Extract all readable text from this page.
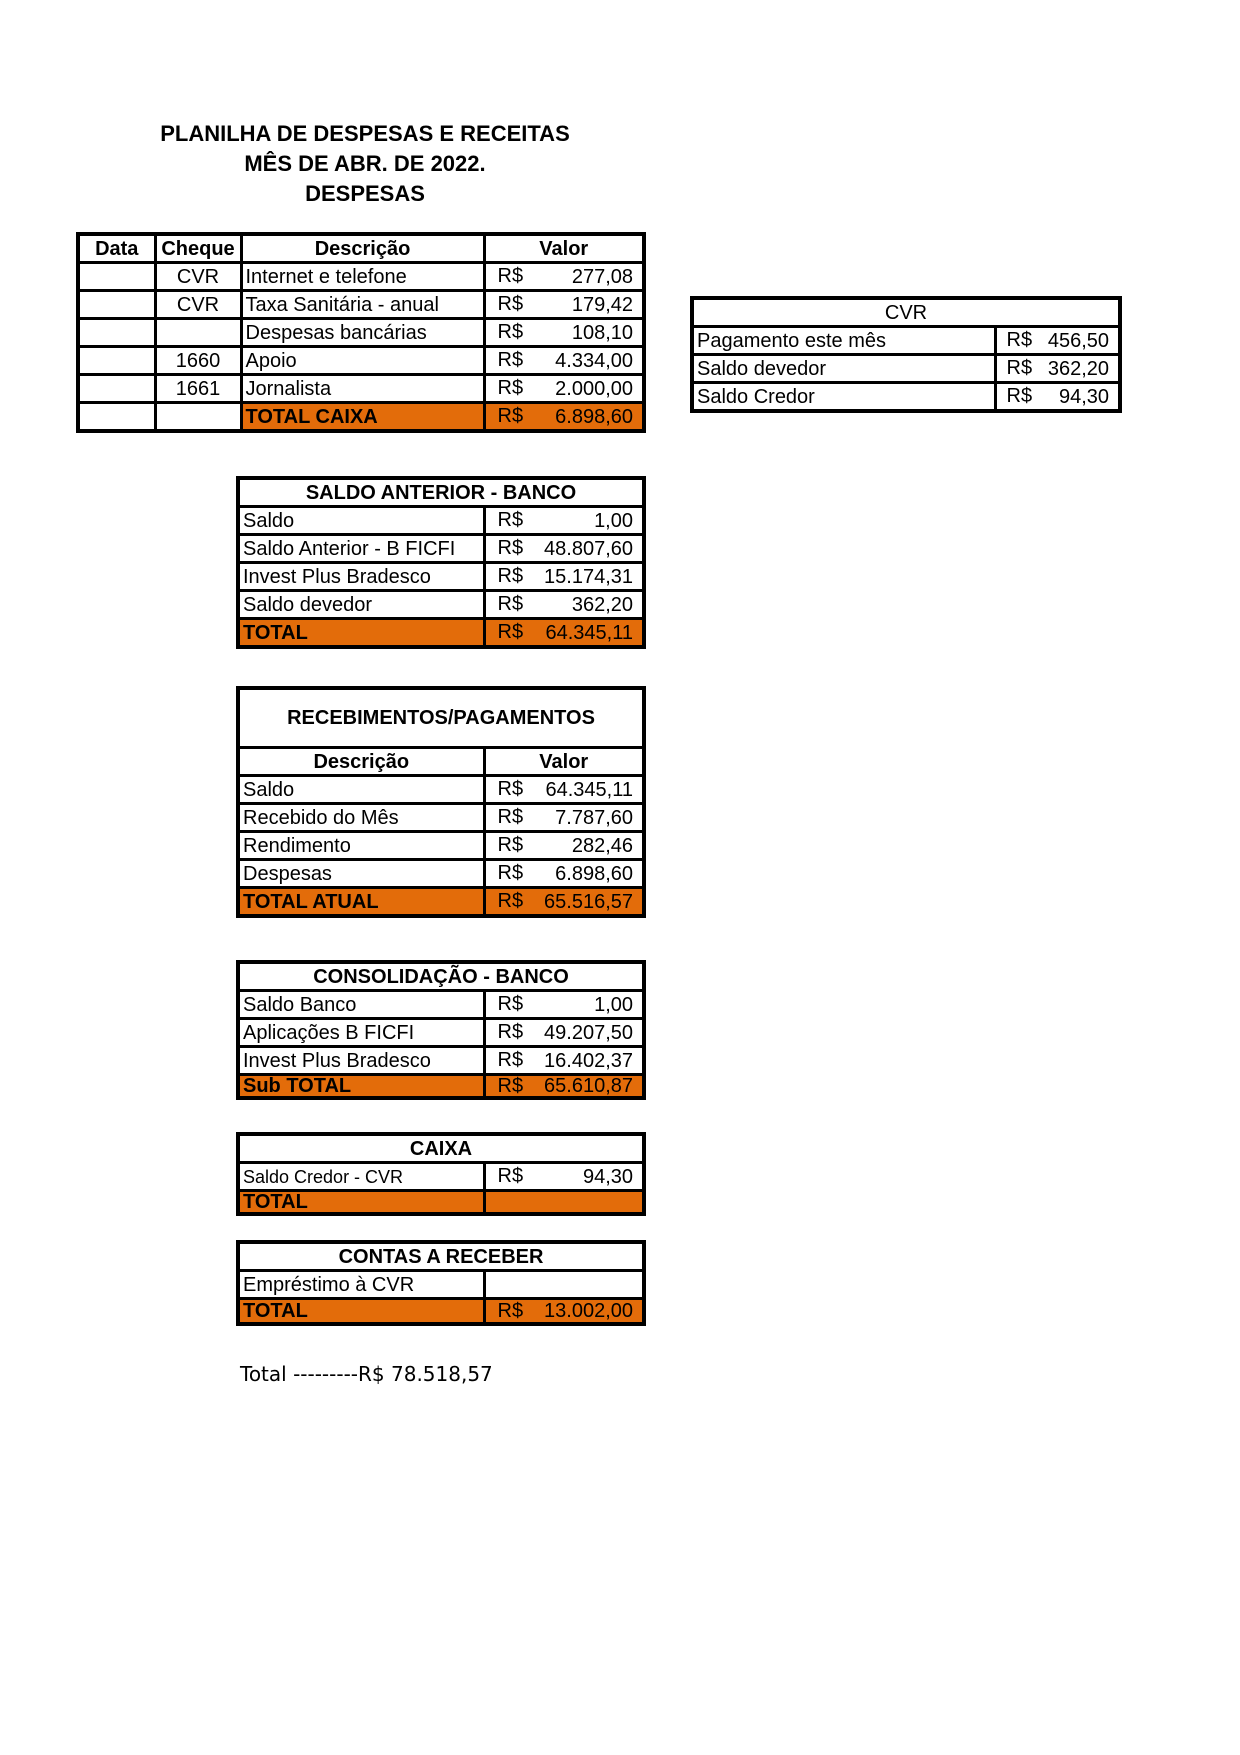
PLANILHA DE DESPESAS E RECEITAS
MÊS DE ABR. DE 2022.
DESPESAS
Data	Cheque	Descrição	Valor
	CVR	Internet e telefone	R$ 277,08

	CVR	Taxa Sanitária - anual	R$ 179,42

		Despesas bancárias	R$ 108,10

	1660	Apoio	R$ 4.334,00

	1661	Jornalista	R$ 2.000,00

		TOTAL CAIXA	R$ 6.898,60
CVR	
Pagamento este mês	R$ 456,50

Saldo devedor	R$ 362,20

Saldo Credor	R$ 94,30
SALDO ANTERIOR - BANCO	
Saldo	R$ 1,00

Saldo Anterior - B FICFI	R$ 48.807,60

Invest Plus Bradesco	R$ 15.174,31

Saldo devedor	R$ 362,20

TOTAL	R$ 64.345,11
RECEBIMENTOS/PAGAMENTOS	
Descrição	Valor
Saldo	R$ 64.345,11

Recebido do Mês	R$ 7.787,60

Rendimento	R$ 282,46

Despesas	R$ 6.898,60

TOTAL ATUAL	R$ 65.516,57
CONSOLIDAÇÃO - BANCO	
Saldo Banco	R$ 1,00

Aplicações B FICFI	R$ 49.207,50

Invest Plus Bradesco	R$ 16.402,37

Sub TOTAL	R$ 65.610,87
CAIXA	
Saldo Credor - CVR	R$ 94,30

TOTAL	
CONTAS A RECEBER	
Empréstimo à CVR	
TOTAL	R$ 13.002,00
Total ---------R$ 78.518,57
